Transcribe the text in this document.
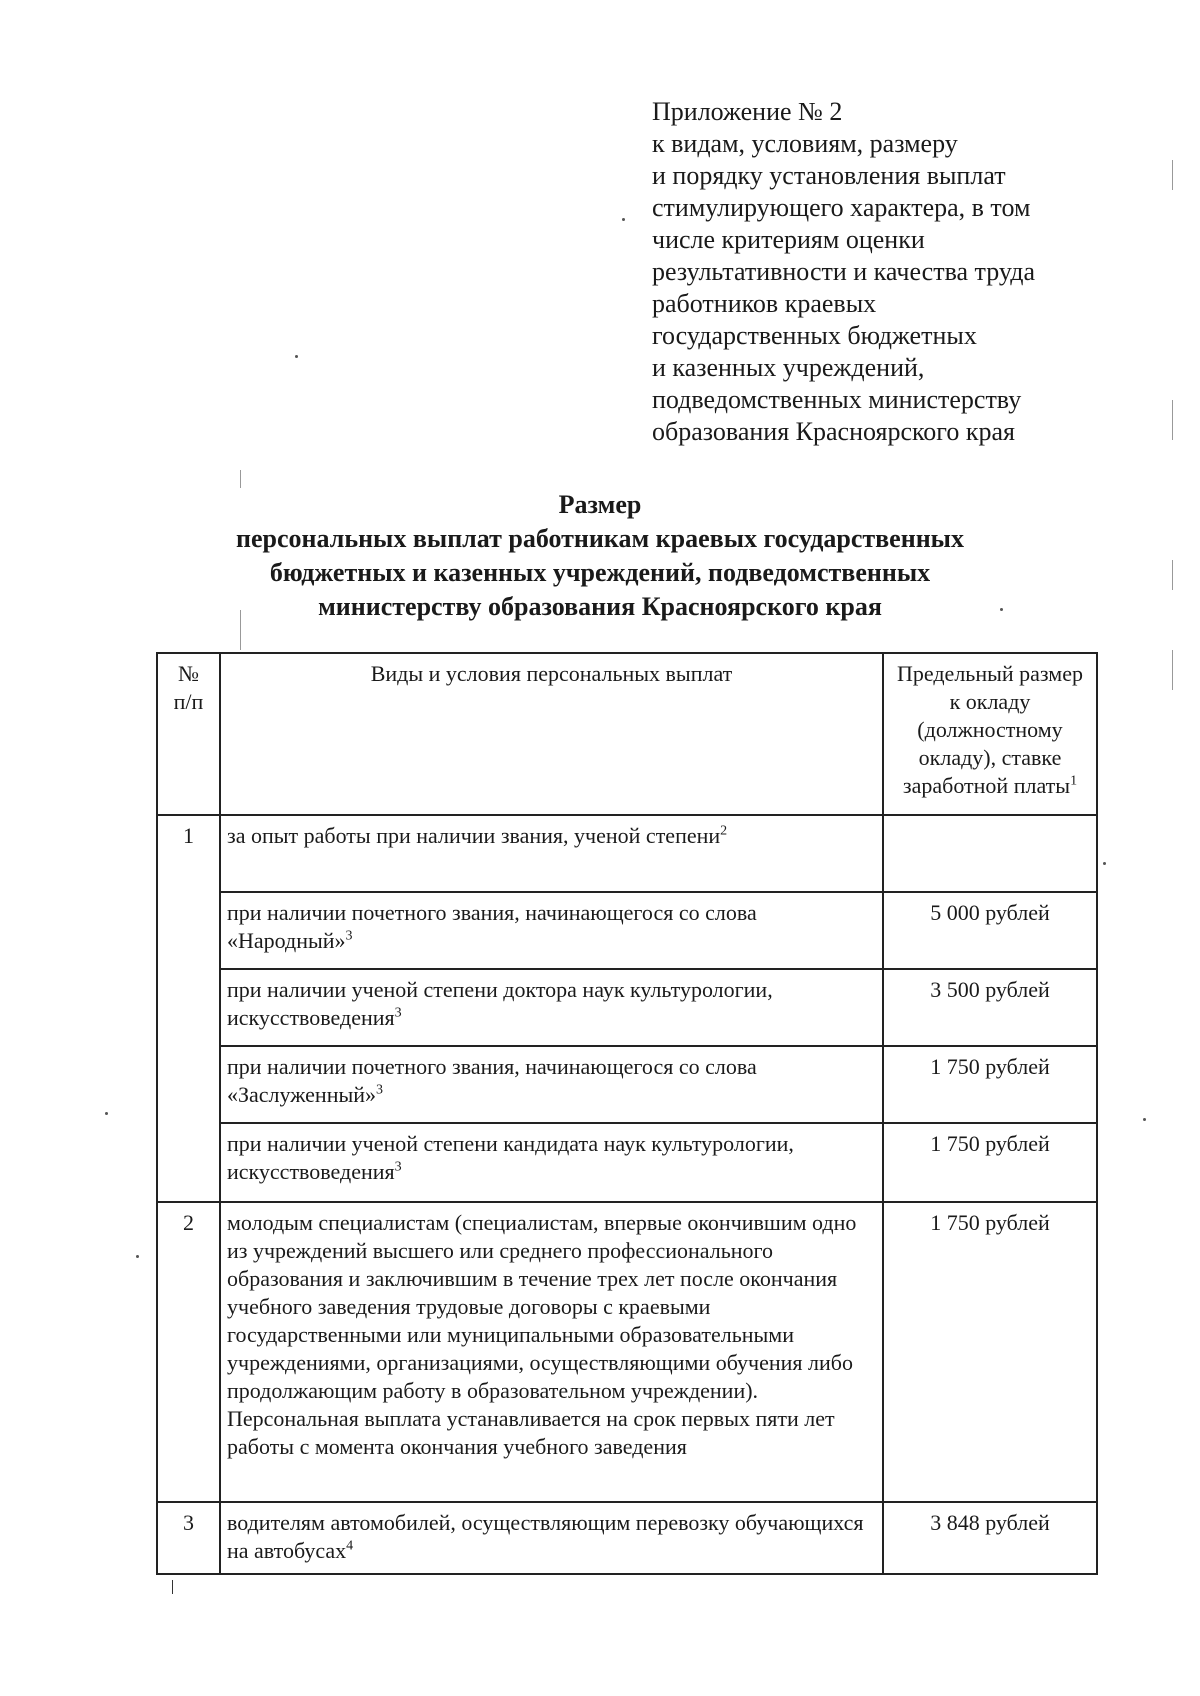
Приложение № 2
к видам, условиям, размеру
и порядку установления выплат
стимулирующего характера, в том
числе критериям оценки
результативности и качества труда
работников краевых
государственных бюджетных
и казенных учреждений,
подведомственных министерству
образования Красноярского края
Размер
персональных выплат работникам краевых государственных
бюджетных и казенных учреждений, подведомственных
министерству образования Красноярского края
№
п/п	Виды и условия персональных выплат	Предельный размер к окладу (должностному окладу), ставке заработной платы$^1$
1	за опыт работы при наличии звания, ученой степени$^2$	
	при наличии почетного звания, начинающегося со слова «Народный»$^3$	5 000 рублей
	при наличии ученой степени доктора наук культурологии, искусствоведения$^3$	3 500 рублей
	при наличии почетного звания, начинающегося со слова «Заслуженный»$^3$	1 750 рублей
	при наличии ученой степени кандидата наук культурологии, искусствоведения$^3$	1 750 рублей
2	молодым специалистам (специалистам, впервые окончившим одно из учреждений высшего или среднего профессионального образования и заключившим в течение трех лет после окончания учебного заведения трудовые договоры с краевыми государственными или муниципальными образовательными учреждениями, организациями, осуществляющими обучения либо продолжающим работу в образовательном учреждении). Персональная выплата устанавливается на срок первых пяти лет работы с момента окончания учебного заведения	1 750 рублей
3	водителям автомобилей, осуществляющим перевозку обучающихся на автобусах$^4$	3 848 рублей
